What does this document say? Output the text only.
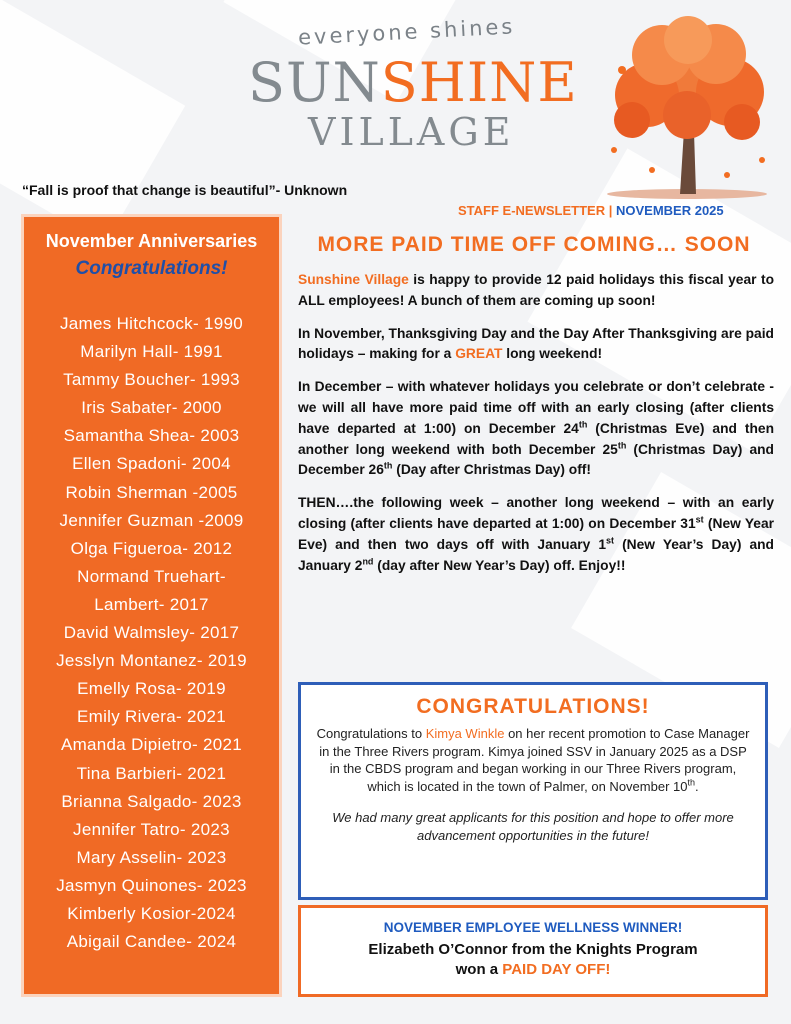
everyone shines
SUNSHINE
VILLAGE
“Fall is proof that change is beautiful”- Unknown
STAFF E-NEWSLETTER | NOVEMBER 2025
November Anniversaries
Congratulations!
James Hitchcock- 1990
Marilyn Hall- 1991
Tammy Boucher- 1993
Iris Sabater- 2000
Samantha Shea- 2003
Ellen Spadoni- 2004
Robin Sherman -2005
Jennifer Guzman -2009
Olga Figueroa- 2012
Normand Truehart-
Lambert- 2017
David Walmsley- 2017
Jesslyn Montanez- 2019
Emelly Rosa- 2019
Emily Rivera- 2021
Amanda Dipietro- 2021
Tina Barbieri- 2021
Brianna Salgado- 2023
Jennifer Tatro- 2023
Mary Asselin- 2023
Jasmyn Quinones- 2023
Kimberly Kosior-2024
Abigail Candee- 2024
MORE PAID TIME OFF COMING… SOON

Sunshine Village is happy to provide 12 paid holidays this fiscal year to ALL employees! A bunch of them are coming up soon!

In November, Thanksgiving Day and the Day After Thanksgiving are paid holidays – making for a GREAT long weekend!

In December – with whatever holidays you celebrate or don’t celebrate - we will all have more paid time off with an early closing (after clients have departed at 1:00) on December 24th (Christmas Eve) and then another long weekend with both December 25th (Christmas Day) and December 26th (Day after Christmas Day) off!

THEN….the following week – another long weekend – with an early closing (after clients have departed at 1:00) on December 31st (New Year Eve) and then two days off with January 1st (New Year’s Day) and January 2nd (day after New Year’s Day) off. Enjoy!!

CONGRATULATIONS!
Congratulations to Kimya Winkle on her recent promotion to Case Manager in the Three Rivers program. Kimya joined SSV in January 2025 as a DSP in the CBDS program and began working in our Three Rivers program, which is located in the town of Palmer, on November 10th.
We had many great applicants for this position and hope to offer more advancement opportunities in the future!
NOVEMBER EMPLOYEE WELLNESS WINNER!
Elizabeth O’Connor from the Knights Program
won a PAID DAY OFF!
